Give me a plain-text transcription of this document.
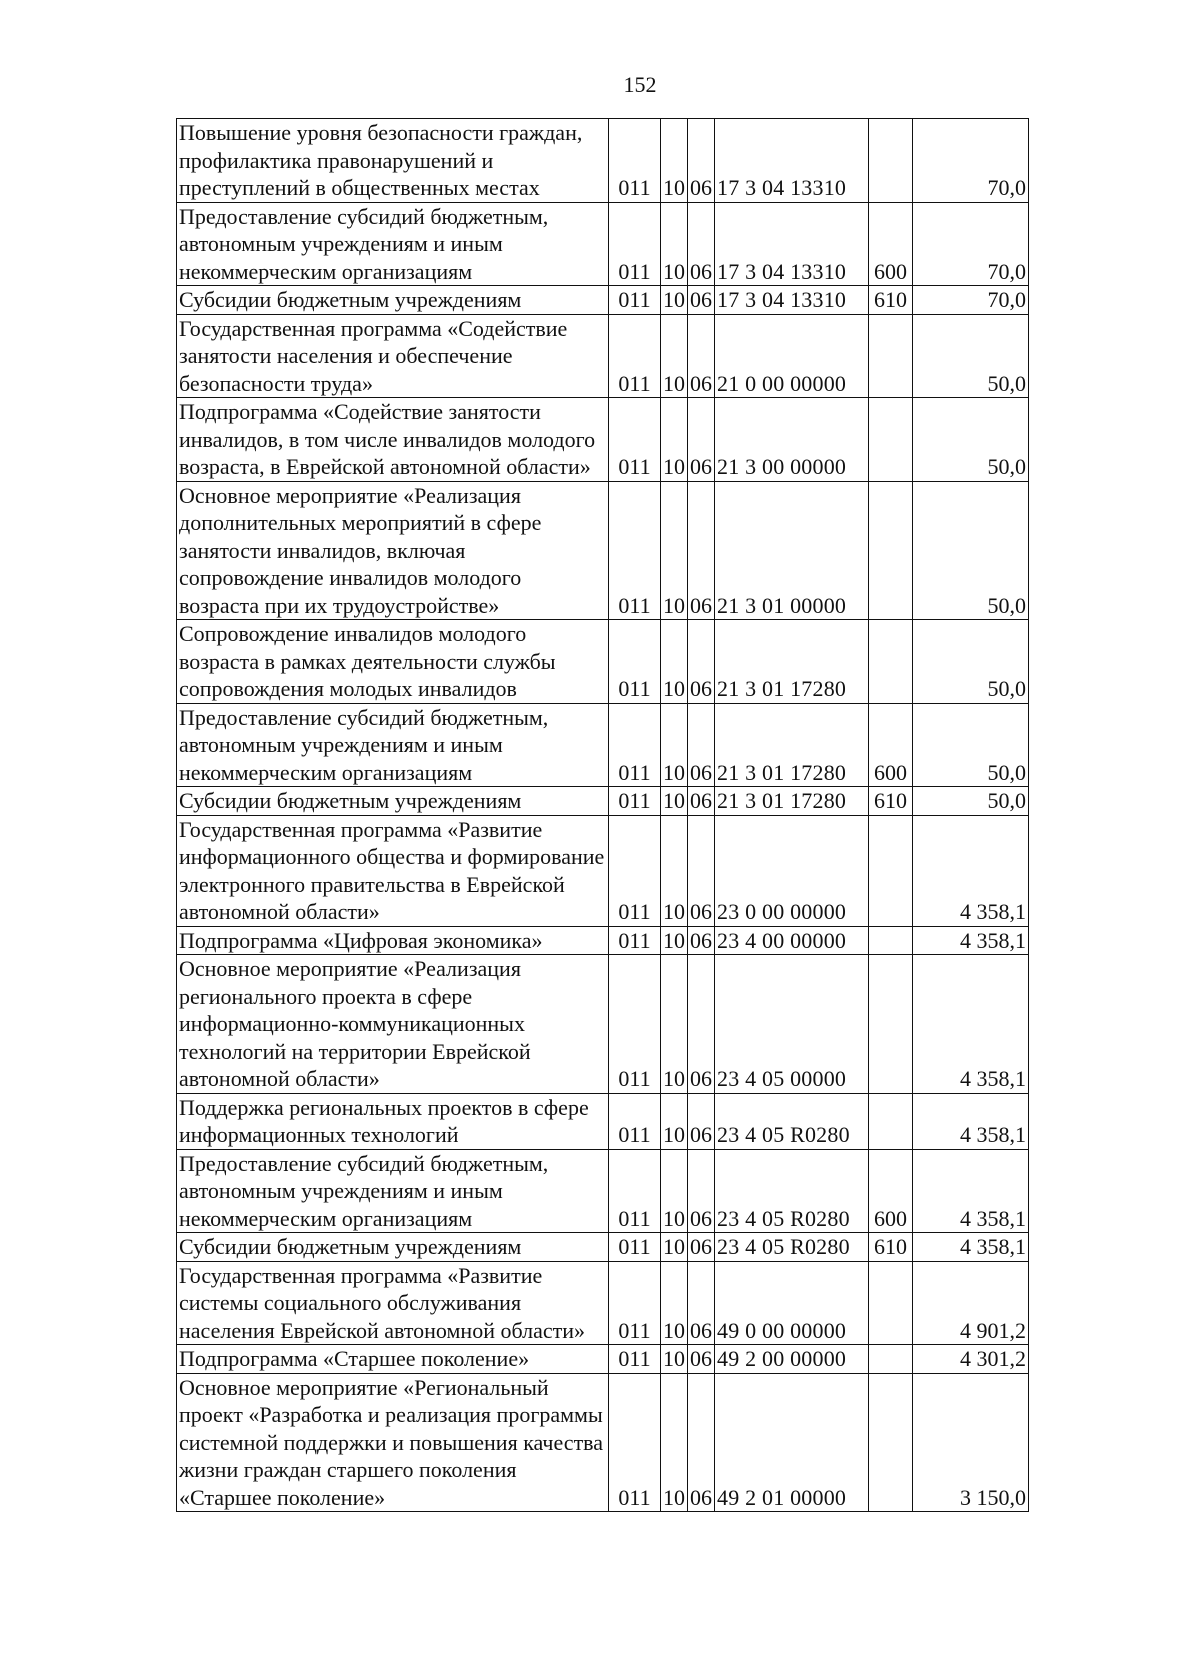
152
Повышение уровня безопасности граждан, профилактика правонарушений и преступлений в общественных местах	011	10	06	17 3 04 13310		70,0
Предоставление субсидий бюджетным, автономным учреждениям и иным некоммерческим организациям	011	10	06	17 3 04 13310	600	70,0
Субсидии бюджетным учреждениям	011	10	06	17 3 04 13310	610	70,0
Государственная программа «Содействие занятости населения и обеспечение безопасности труда»	011	10	06	21 0 00 00000		50,0
Подпрограмма «Содействие занятости инвалидов, в том числе инвалидов молодого возраста, в Еврейской автономной области»	011	10	06	21 3 00 00000		50,0
Основное мероприятие «Реализация дополнительных мероприятий в сфере занятости инвалидов, включая сопровождение инвалидов молодого возраста при их трудоустройстве»	011	10	06	21 3 01 00000		50,0
Сопровождение инвалидов молодого возраста в рамках деятельности службы сопровождения молодых инвалидов	011	10	06	21 3 01 17280		50,0
Предоставление субсидий бюджетным, автономным учреждениям и иным некоммерческим организациям	011	10	06	21 3 01 17280	600	50,0
Субсидии бюджетным учреждениям	011	10	06	21 3 01 17280	610	50,0
Государственная программа «Развитие информационного общества и формирование электронного правительства в Еврейской автономной области»	011	10	06	23 0 00 00000		4 358,1
Подпрограмма «Цифровая экономика»	011	10	06	23 4 00 00000		4 358,1
Основное мероприятие «Реализация регионального проекта в сфере информационно-коммуникационных технологий на территории Еврейской автономной области»	011	10	06	23 4 05 00000		4 358,1
Поддержка региональных проектов в сфере информационных технологий	011	10	06	23 4 05 R0280		4 358,1
Предоставление субсидий бюджетным, автономным учреждениям и иным некоммерческим организациям	011	10	06	23 4 05 R0280	600	4 358,1
Субсидии бюджетным учреждениям	011	10	06	23 4 05 R0280	610	4 358,1
Государственная программа «Развитие системы социального обслуживания населения Еврейской автономной области»	011	10	06	49 0 00 00000		4 901,2
Подпрограмма «Старшее поколение»	011	10	06	49 2 00 00000		4 301,2
Основное мероприятие «Региональный проект «Разработка и реализация программы системной поддержки и повышения качества жизни граждан старшего поколения «Старшее поколение»	011	10	06	49 2 01 00000		3 150,0
